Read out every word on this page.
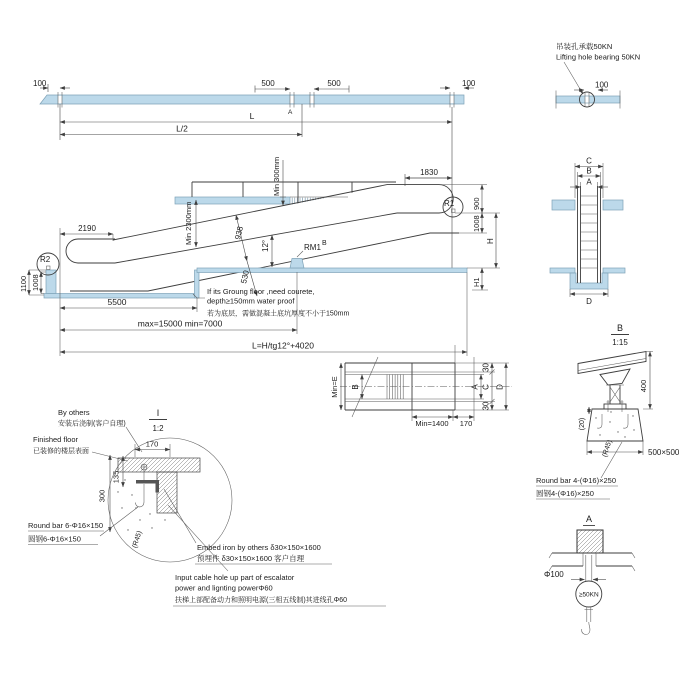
100	500	500	100
A
L
L/2
Min 300mm
Min 2300mm
R2
R1
RM1 B
938
530
12°
1830
900
1008
H
H1
1100 1008
2190
5500
max=15000 min=7000
L=H/tg12°+4020
If its Groung floor ,need courete,
depth≥150mm water proof
若为底层，需做混凝土底坑厚度不小于150mm
吊装孔承载50KN
Lifting hole bearing 50KN
100
C
B
A
D
Min=E B	A
30
C
30
D
Min=1400 170
B
1:15
400
(20)
(R45)	500×500
Round bar 4-(Φ16)×250
圆钢4-(Φ16)×250
A
≥50KN
Φ100
By others
安装后浇制(客户自理)
I
1:2
Finished floor
已装修的楼层表面
170
135
300
(R45)
Round bar 6-Φ16×150
圆钢6-Φ16×150
Embed iron by others δ30×150×1600
预埋件 δ30×150×1600 客户自理
Input cable hole up part of escalator
power and lignting powerΦ60
扶梯上部配备动力和照明电源(三相五线制)其进线孔Φ60
